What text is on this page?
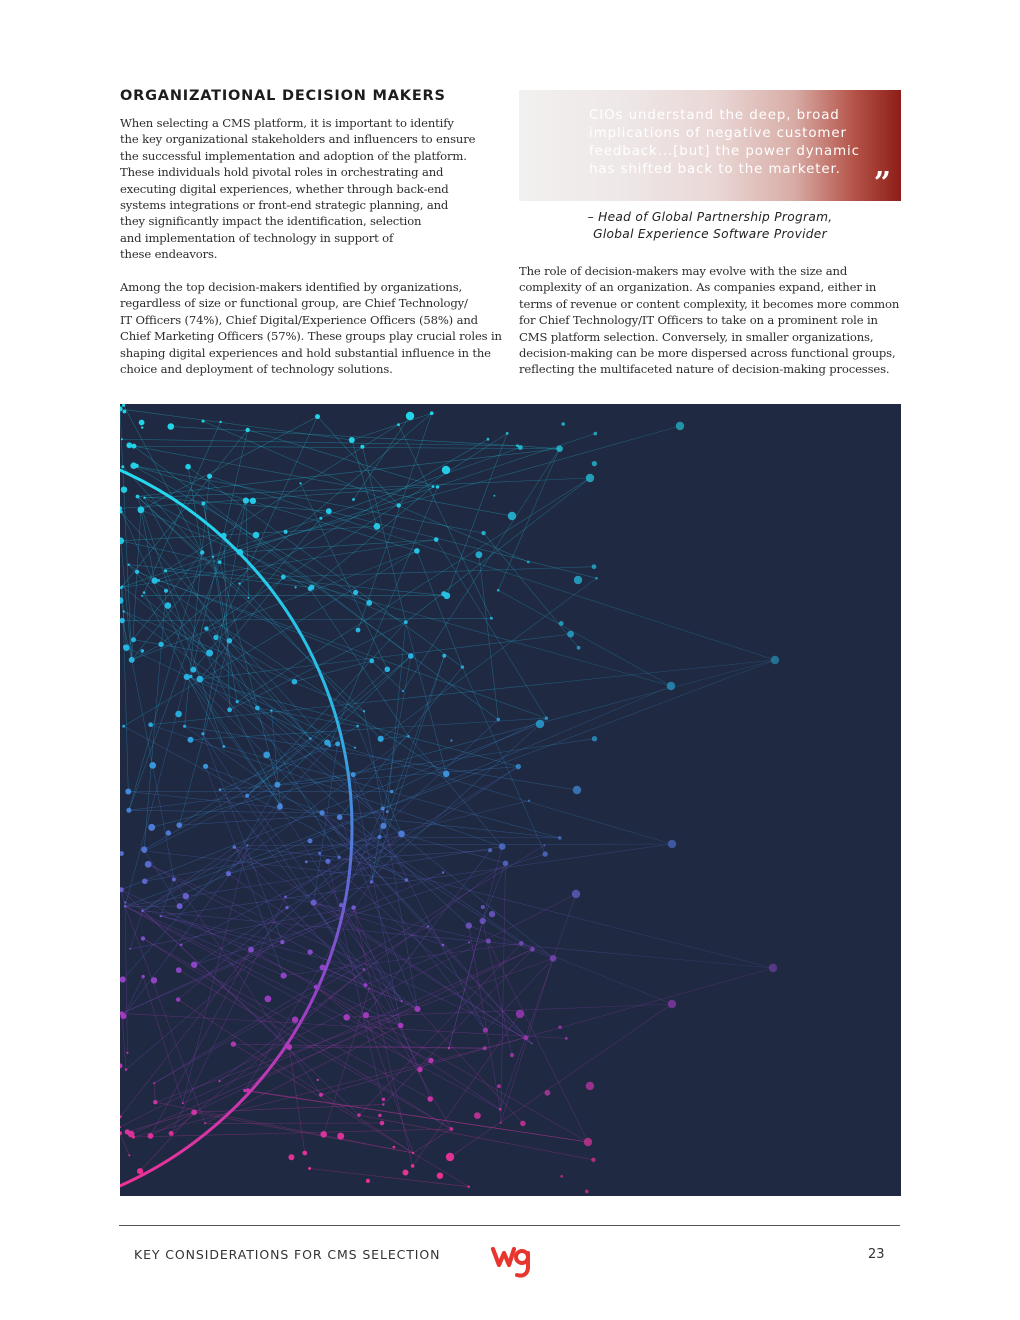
ORGANIZATIONAL DECISION MAKERS

When selecting a CMS platform, it is important to identify
the key organizational stakeholders and influencers to ensure
the successful implementation and adoption of the platform.
These individuals hold pivotal roles in orchestrating and
executing digital experiences, whether through back-end
systems integrations or front-end strategic planning, and
they significantly impact the identification, selection
and implementation of technology in support of
these endeavors.

Among the top decision-makers identified by organizations,
regardless of size or functional group, are Chief Technology/
IT Officers (74%), Chief Digital/Experience Officers (58%) and
Chief Marketing Officers (57%). These groups play crucial roles in
shaping digital experiences and hold substantial influence in the
choice and deployment of technology solutions.

CIOs understand the deep, broad
implications of negative customer
feedback...[but] the power dynamic
has shifted back to the marketer.	”

– Head of Global Partnership Program,
Global Experience Software Provider

The role of decision-makers may evolve with the size and
complexity of an organization. As companies expand, either in
terms of revenue or content complexity, it becomes more common
for Chief Technology/IT Officers to take on a prominent role in
CMS platform selection. Conversely, in smaller organizations,
decision-making can be more dispersed across functional groups,
reflecting the multifaceted nature of decision-making processes.

KEY CONSIDERATIONS FOR CMS SELECTION	23
